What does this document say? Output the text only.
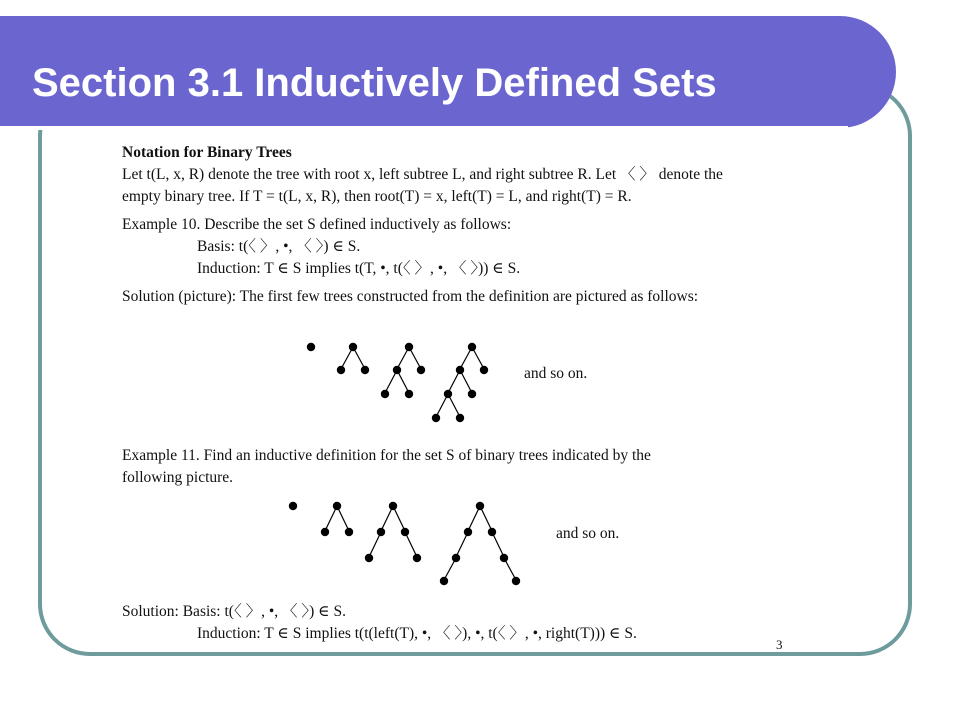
Section 3.1 Inductively Defined Sets
Notation for Binary Trees
Let t(L, x, R) denote the tree with root x, left subtree L, and right subtree R. Let 〈 〉 denote the
empty binary tree. If T = t(L, x, R), then root(T) = x, left(T) = L, and right(T) = R.
Example 10. Describe the set S defined inductively as follows:
Basis: t(〈 〉, •, 〈 〉) ∈ S.
Induction: T ∈ S implies t(T, •, t(〈 〉, •, 〈 〉)) ∈ S.
Solution (picture): The first few trees constructed from the definition are pictured as follows:
and so on.
Example 11. Find an inductive definition for the set S of binary trees indicated by the
following picture.
and so on.
Solution: Basis: t(〈 〉, •, 〈 〉) ∈ S.
Induction: T ∈ S implies t(t(left(T), •, 〈 〉), •, t(〈 〉, •, right(T))) ∈ S.
3
